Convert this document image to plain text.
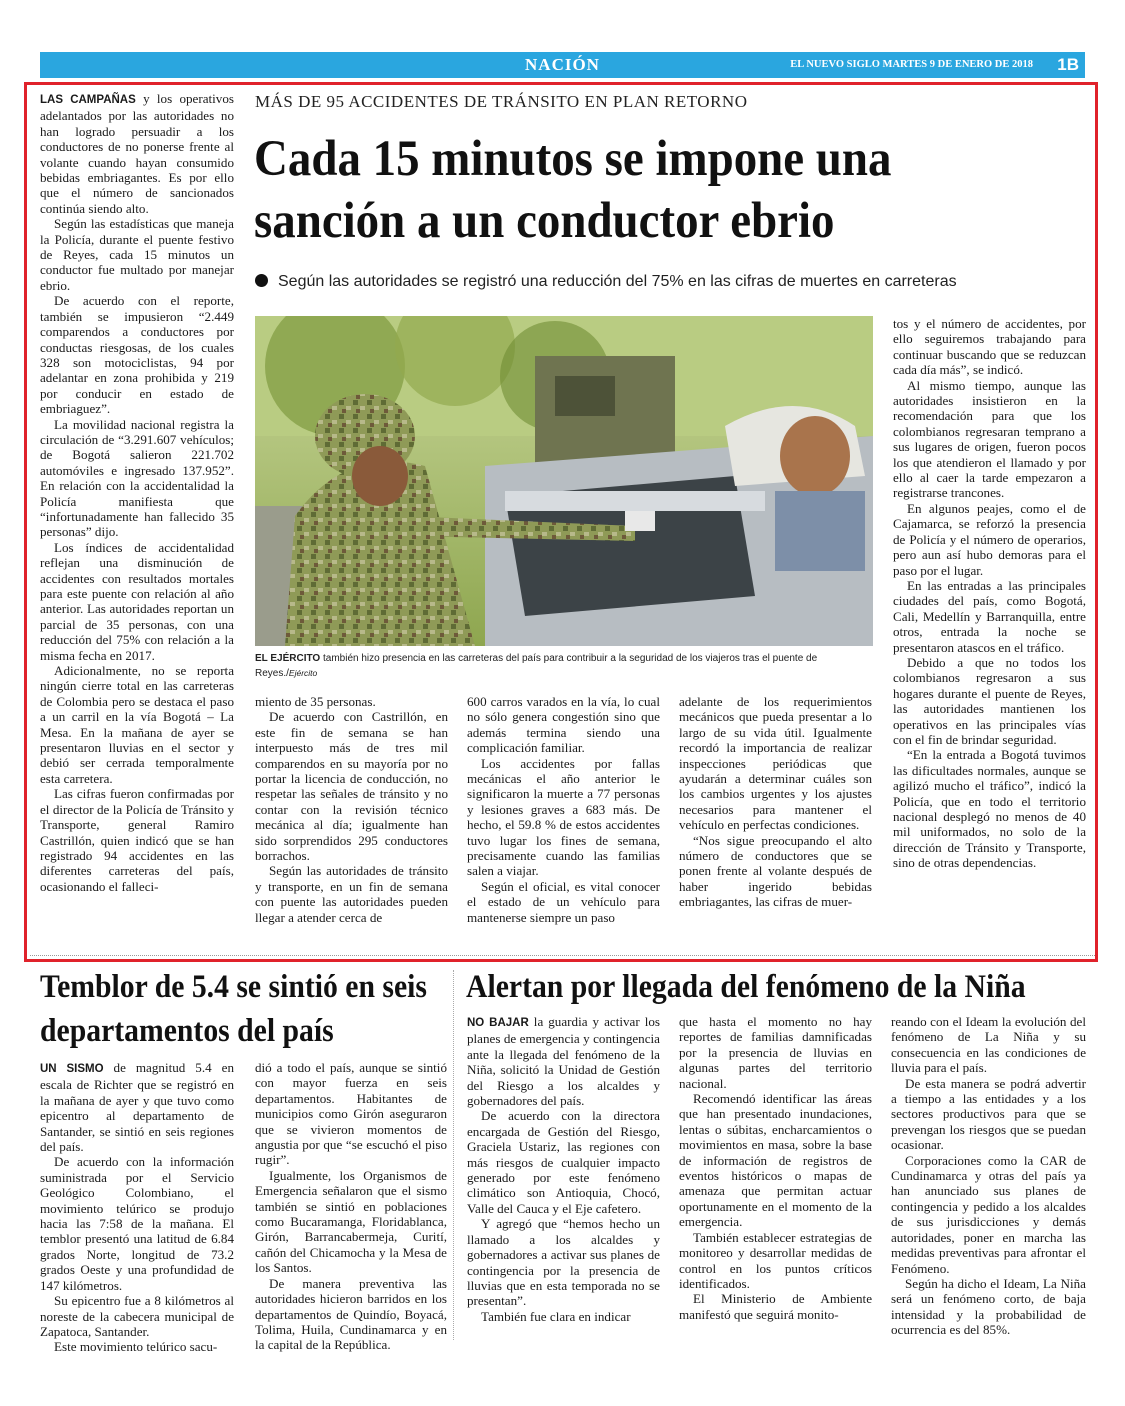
NACIÓN	EL NUEVO SIGLO MARTES 9 DE ENERO DE 2018 1B

LAS CAMPAÑAS y los operativos adelantados por las autoridades no han logrado persuadir a los conductores de no ponerse frente al volante cuando hayan consumido bebidas embriagantes. Es por ello que el número de sancionados continúa siendo alto.

Según las estadísticas que maneja la Policía, durante el puente festivo de Reyes, cada 15 minutos un conductor fue multado por manejar ebrio.

De acuerdo con el reporte, también se impusieron “2.449 comparendos a conductores por conductas riesgosas, de los cuales 328 son motociclistas, 94 por adelantar en zona prohibida y 219 por conducir en estado de embriaguez”.

La movilidad nacional registra la circulación de “3.291.607 vehículos; de Bogotá salieron 221.702 automóviles e ingresado 137.952”. En relación con la accidentalidad la Policía manifiesta que “infortunadamente han fallecido 35 personas” dijo.

Los índices de accidentalidad reflejan una disminución de accidentes con resultados mortales para este puente con relación al año anterior. Las autoridades reportan un parcial de 35 personas, con una reducción del 75% con relación a la misma fecha en 2017.

Adicionalmente, no se reporta ningún cierre total en las carreteras de Colombia pero se destaca el paso a un carril en la vía Bogotá – La Mesa. En la mañana de ayer se presentaron lluvias en el sector y debió ser cerrada temporalmente esta carretera.

Las cifras fueron confirmadas por el director de la Policía de Tránsito y Transporte, general Ramiro Castrillón, quien indicó que se han registrado 94 accidentes en las diferentes carreteras del país, ocasionando el falleci-

MÁS DE 95 ACCIDENTES DE TRÁNSITO EN PLAN RETORNO
Cada 15 minutos se impone una sanción a un conductor ebrio
Según las autoridades se registró una reducción del 75% en las cifras de muertes en carreteras
EL EJÉRCITO también hizo presencia en las carreteras del país para contribuir a la seguridad de los viajeros tras el puente de Reyes./Ejército

miento de 35 personas.

De acuerdo con Castrillón, en este fin de semana se han interpuesto más de tres mil comparendos en su mayoría por no portar la licencia de conducción, no respetar las señales de tránsito y no contar con la revisión técnico mecánica al día; igualmente han sido sorprendidos 295 conductores borrachos.

Según las autoridades de tránsito y transporte, en un fin de semana con puente las autoridades pueden llegar a atender cerca de

600 carros varados en la vía, lo cual no sólo genera congestión sino que además termina siendo una complicación familiar.

Los accidentes por fallas mecánicas el año anterior le significaron la muerte a 77 personas y lesiones graves a 683 más. De hecho, el 59.8 % de estos accidentes tuvo lugar los fines de semana, precisamente cuando las familias salen a viajar.

Según el oficial, es vital conocer el estado de un vehículo para mantenerse siempre un paso

adelante de los requerimientos mecánicos que pueda presentar a lo largo de su vida útil. Igualmente recordó la importancia de realizar inspecciones periódicas que ayudarán a determinar cuáles son los cambios urgentes y los ajustes necesarios para mantener el vehículo en perfectas condiciones.

“Nos sigue preocupando el alto número de conductores que se ponen frente al volante después de haber ingerido bebidas embriagantes, las cifras de muer-

tos y el número de accidentes, por ello seguiremos trabajando para continuar buscando que se reduzcan cada día más”, se indicó.

Al mismo tiempo, aunque las autoridades insistieron en la recomendación para que los colombianos regresaran temprano a sus lugares de origen, fueron pocos los que atendieron el llamado y por ello al caer la tarde empezaron a registrarse trancones.

En algunos peajes, como el de Cajamarca, se reforzó la presencia de Policía y el número de operarios, pero aun así hubo demoras para el paso por el lugar.

En las entradas a las principales ciudades del país, como Bogotá, Cali, Medellín y Barranquilla, entre otros, entrada la noche se presentaron atascos en el tráfico.

Debido a que no todos los colombianos regresaron a sus hogares durante el puente de Reyes, las autoridades mantienen los operativos en las principales vías con el fin de brindar seguridad.

“En la entrada a Bogotá tuvimos las dificultades normales, aunque se agilizó mucho el tráfico”, indicó la Policía, que en todo el territorio nacional desplegó no menos de 40 mil uniformados, no solo de la dirección de Tránsito y Transporte, sino de otras dependencias.

Temblor de 5.4 se sintió en seis departamentos del país

UN SISMO de magnitud 5.4 en escala de Richter que se registró en la mañana de ayer y que tuvo como epicentro al departamento de Santander, se sintió en seis regiones del país.

De acuerdo con la información suministrada por el Servicio Geológico Colombiano, el movimiento telúrico se produjo hacia las 7:58 de la mañana. El temblor presentó una latitud de 6.84 grados Norte, longitud de 73.2 grados Oeste y una profundidad de 147 kilómetros.

Su epicentro fue a 8 kilómetros al noreste de la cabecera municipal de Zapatoca, Santander.

Este movimiento telúrico sacu-

dió a todo el país, aunque se sintió con mayor fuerza en seis departamentos. Habitantes de municipios como Girón aseguraron que se vivieron momentos de angustia por que “se escuchó el piso rugir”.

Igualmente, los Organismos de Emergencia señalaron que el sismo también se sintió en poblaciones como Bucaramanga, Floridablanca, Girón, Barrancabermeja, Curití, cañón del Chicamocha y la Mesa de los Santos.

De manera preventiva las autoridades hicieron barridos en los departamentos de Quindío, Boyacá, Tolima, Huila, Cundinamarca y en la capital de la República.

Alertan por llegada del fenómeno de la Niña

NO BAJAR la guardia y activar los planes de emergencia y contingencia ante la llegada del fenómeno de la Niña, solicitó la Unidad de Gestión del Riesgo a los alcaldes y gobernadores del país.

De acuerdo con la directora encargada de Gestión del Riesgo, Graciela Ustariz, las regiones con más riesgos de cualquier impacto generado por este fenómeno climático son Antioquia, Chocó, Valle del Cauca y el Eje cafetero.

Y agregó que “hemos hecho un llamado a los alcaldes y gobernadores a activar sus planes de contingencia por la presencia de lluvias que en esta temporada no se presentan”.

También fue clara en indicar

que hasta el momento no hay reportes de familias damnificadas por la presencia de lluvias en algunas partes del territorio nacional.

Recomendó identificar las áreas que han presentado inundaciones, lentas o súbitas, encharcamientos o movimientos en masa, sobre la base de información de registros de eventos históricos o mapas de amenaza que permitan actuar oportunamente en el momento de la emergencia.

También establecer estrategias de monitoreo y desarrollar medidas de control en los puntos críticos identificados.

El Ministerio de Ambiente manifestó que seguirá monito-

reando con el Ideam la evolución del fenómeno de La Niña y su consecuencia en las condiciones de lluvia para el país.

De esta manera se podrá advertir a tiempo a las entidades y a los sectores productivos para que se prevengan los riesgos que se puedan ocasionar.

Corporaciones como la CAR de Cundinamarca y otras del país ya han anunciado sus planes de contingencia y pedido a los alcaldes de sus jurisdicciones y demás autoridades, poner en marcha las medidas preventivas para afrontar el Fenómeno.

Según ha dicho el Ideam, La Niña será un fenómeno corto, de baja intensidad y la probabilidad de ocurrencia es del 85%.
